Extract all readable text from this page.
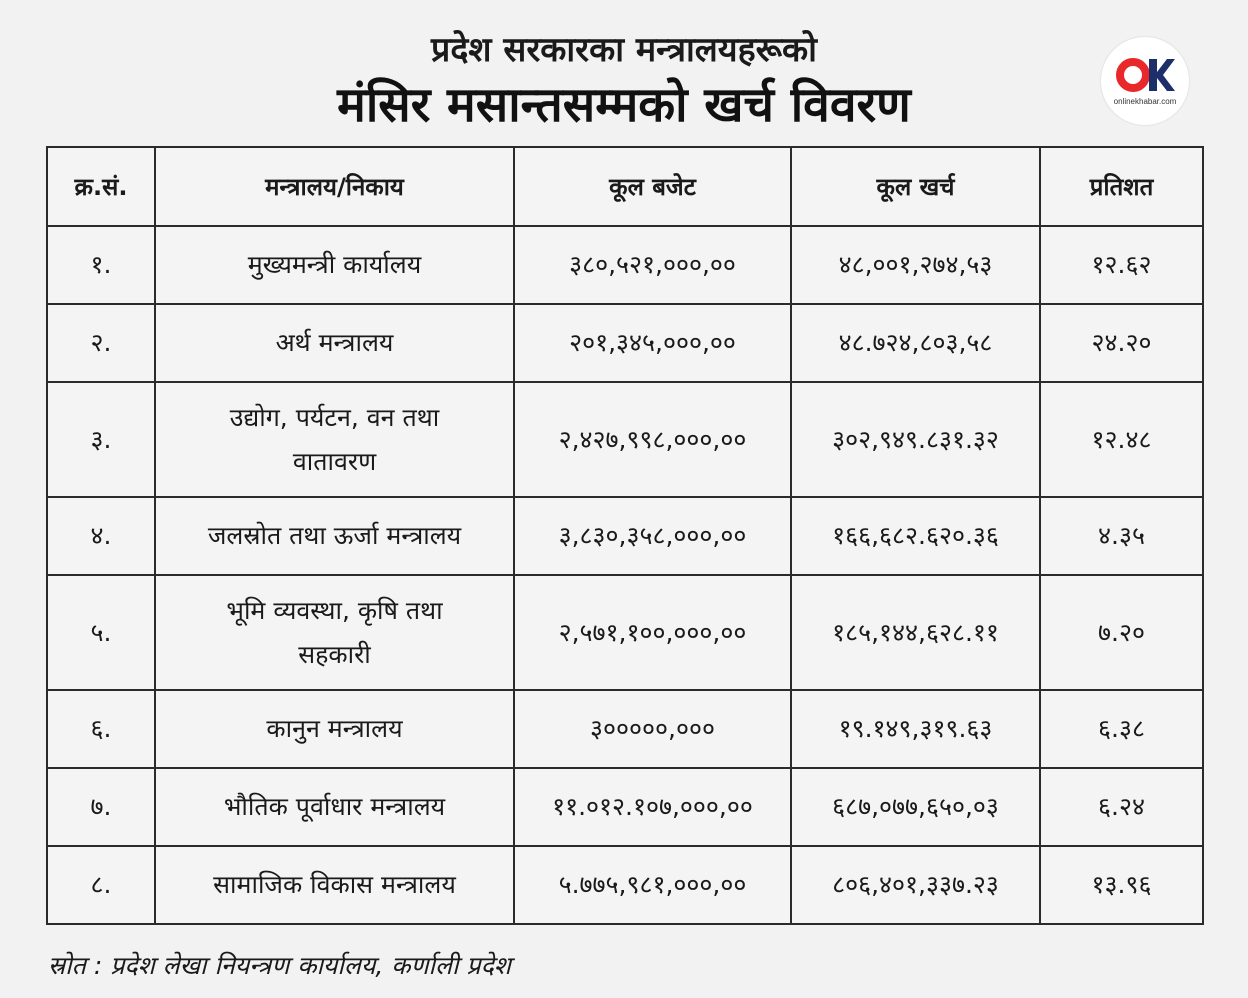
प्रदेश सरकारका मन्त्रालयहरूको
मंसिर मसान्तसम्मको खर्च विवरण	onlinekhabar.com
क्र.सं.	मन्त्रालय/निकाय	कूल बजेट	कूल खर्च	प्रतिशत
१.	मुख्यमन्त्री कार्यालय	३८०,५२१,०००,००	४८,००१,२७४,५३	१२.६२
२.	अर्थ मन्त्रालय	२०१,३४५,०००,००	४८.७२४,८०३,५८	२४.२०
३.	उद्योग, पर्यटन, वन तथा वातावरण	२,४२७,९९८,०००,००	३०२,९४९.८३१.३२	१२.४८
४.	जलस्रोत तथा ऊर्जा मन्त्रालय	३,८३०,३५८,०००,००	१६६,६८२.६२०.३६	४.३५
५.	भूमि व्यवस्था, कृषि तथा सहकारी	२,५७१,१००,०००,००	१८५,१४४,६२८.११	७.२०
६.	कानुन मन्त्रालय	३०००००,०००	१९.१४९,३१९.६३	६.३८
७.	भौतिक पूर्वाधार मन्त्रालय	११.०१२.१०७,०००,००	६८७,०७७,६५०,०३	६.२४
८.	सामाजिक विकास मन्त्रालय	५.७७५,९८१,०००,००	८०६,४०१,३३७.२३	१३.९६
स्रोत : प्रदेश लेखा नियन्त्रण कार्यालय, कर्णाली प्रदेश
